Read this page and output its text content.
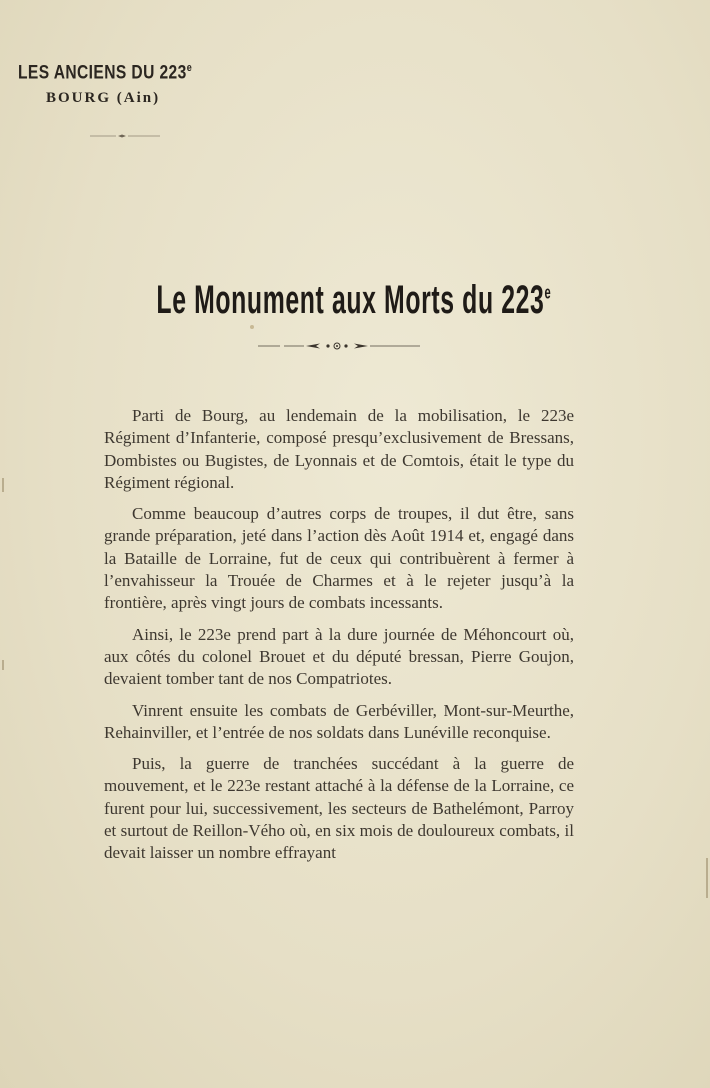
LES ANCIENS DU 223e
BOURG (Ain)
Le Monument aux Morts du 223e

Parti de Bourg, au lendemain de la mobilisation, le 223e Régiment d’Infanterie, composé presqu’exclusivement de Bressans, Dombistes ou Bugistes, de Lyonnais et de Comtois, était le type du Régiment régional.

Comme beaucoup d’autres corps de troupes, il dut être, sans grande préparation, jeté dans l’action dès Août 1914 et, engagé dans la Bataille de Lorraine, fut de ceux qui contribuèrent à fermer à l’envahisseur la Trouée de Charmes et à le rejeter jusqu’à la frontière, après vingt jours de combats incessants.

Ainsi, le 223e prend part à la dure journée de Méhoncourt où, aux côtés du colonel Brouet et du député bressan, Pierre Goujon, devaient tomber tant de nos Compatriotes.

Vinrent ensuite les combats de Gerbéviller, Mont-sur-Meurthe, Rehainviller, et l’entrée de nos soldats dans Lunéville reconquise.

Puis, la guerre de tranchées succédant à la guerre de mouvement, et le 223e restant attaché à la défense de la Lorraine, ce furent pour lui, successivement, les secteurs de Bathelémont, Parroy et surtout de Reillon-Vého où, en six mois de douloureux combats, il devait laisser un nombre effrayant
